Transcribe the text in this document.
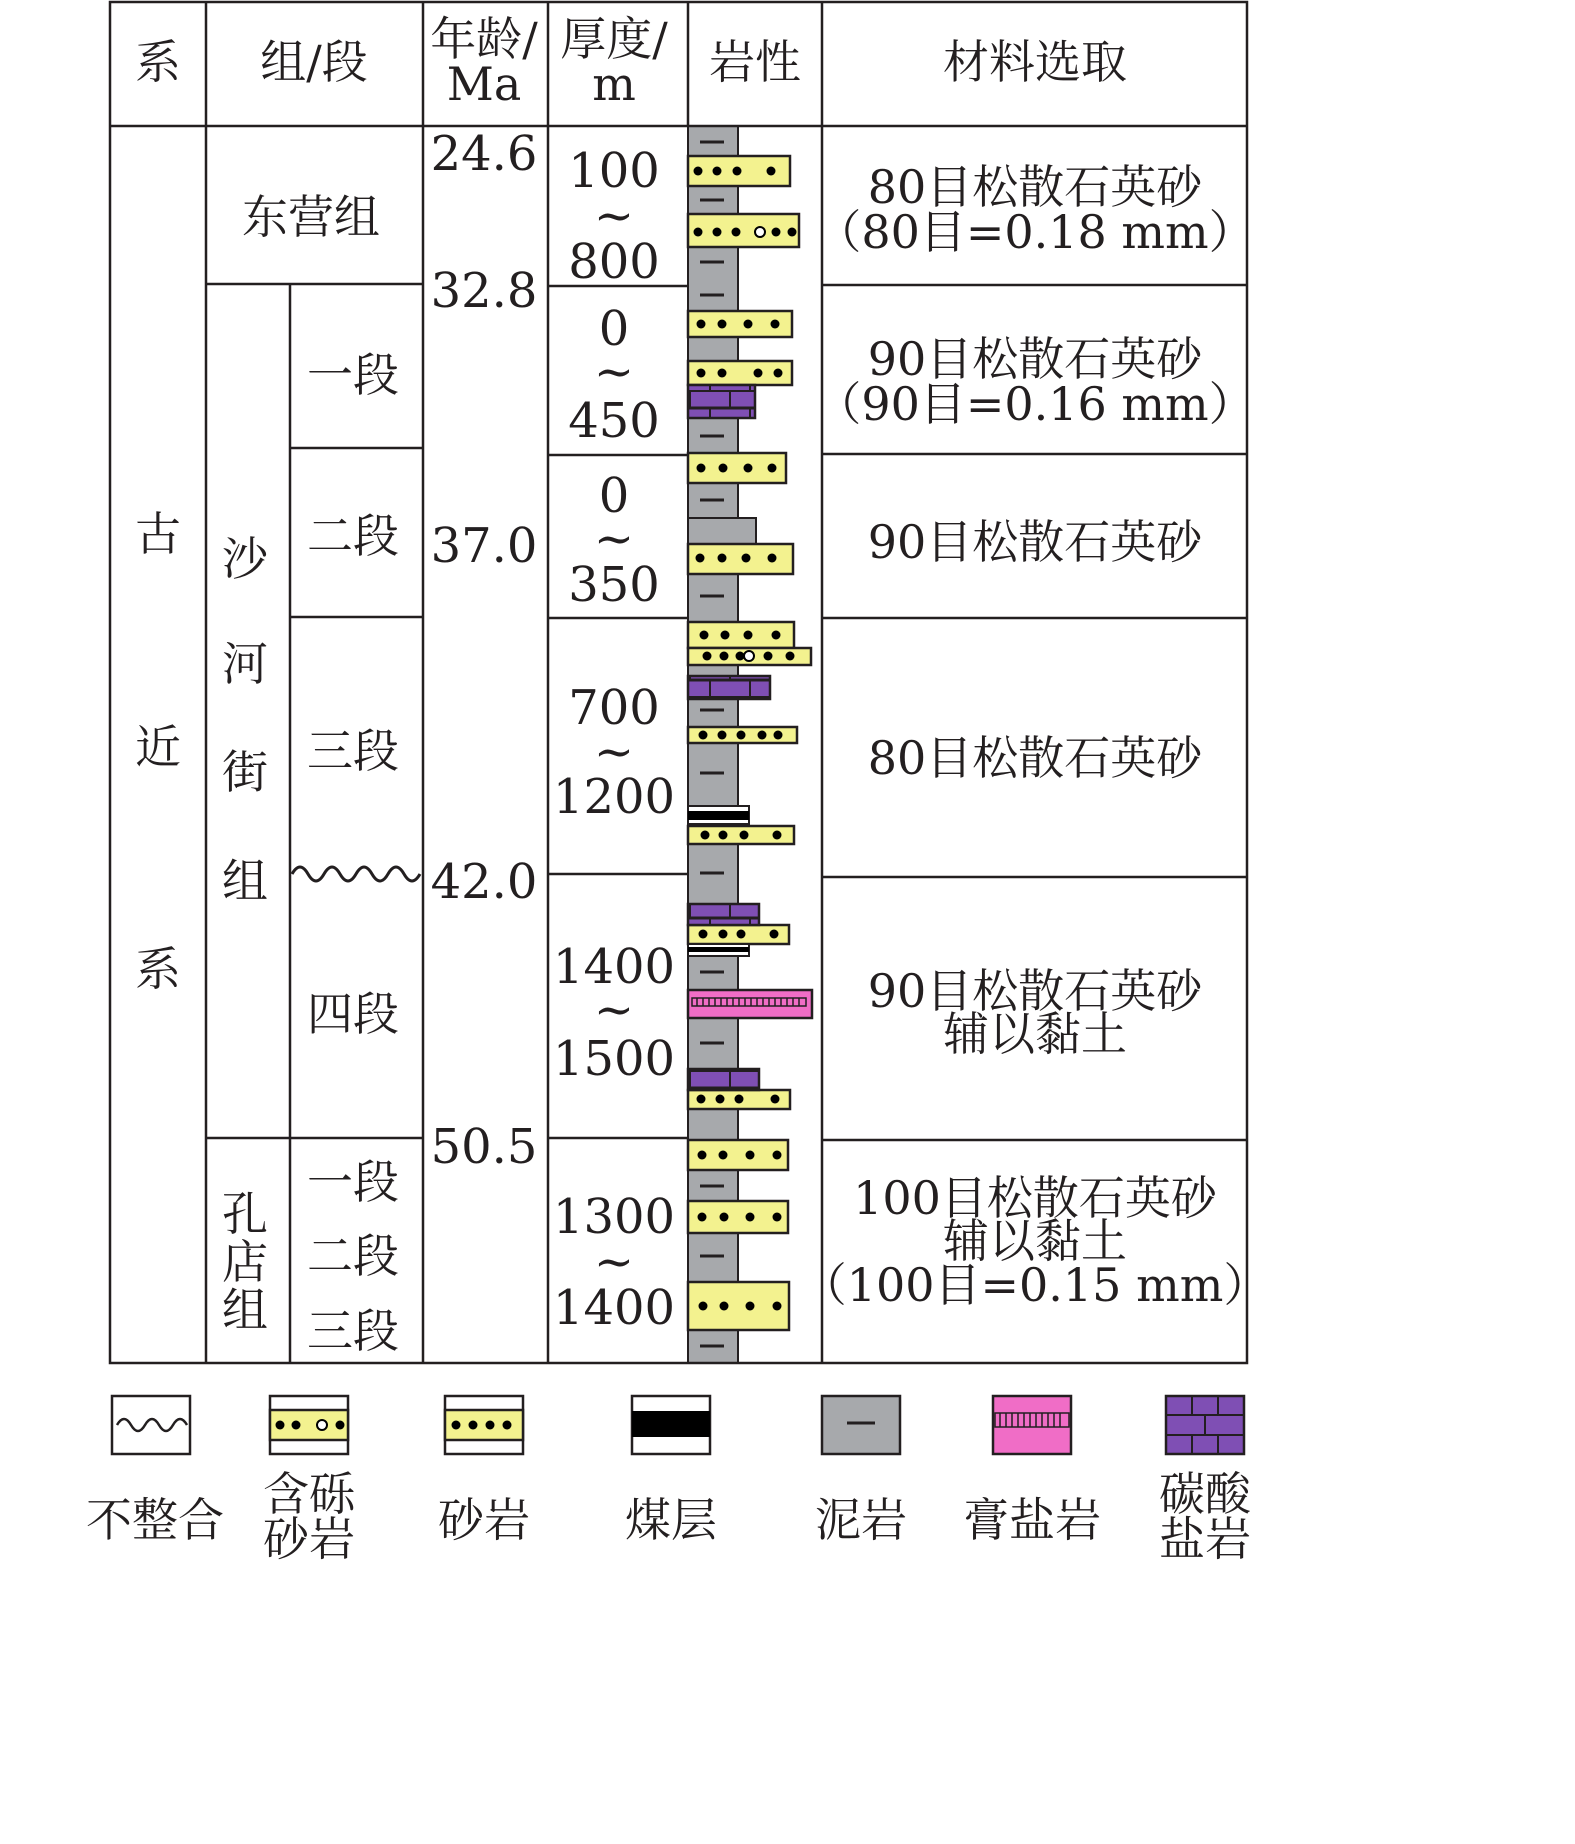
系 组/段 年龄/
Ma
厚度/
m 岩性	材料选取
古
近
系
东营组
沙
河
街
组
孔
店
组
一段
二段
三段
四段
一段
二段
三段
24.6
32.8
37.0
42.0
50.5
100
~
800
0
~
450
0
~
350
700
~
1200
1400
~
1500
1300
~
1400
80目松散石英砂
（80目=0.18 mm）
90目松散石英砂
（90目=0.16 mm）
90目松散石英砂
80目松散石英砂
90目松散石英砂
辅以黏土
100目松散石英砂
辅以黏土
（100目=0.15 mm）
不整合 含砾
砂岩 砂岩 煤层 泥岩 膏盐岩 碳酸
盐岩
